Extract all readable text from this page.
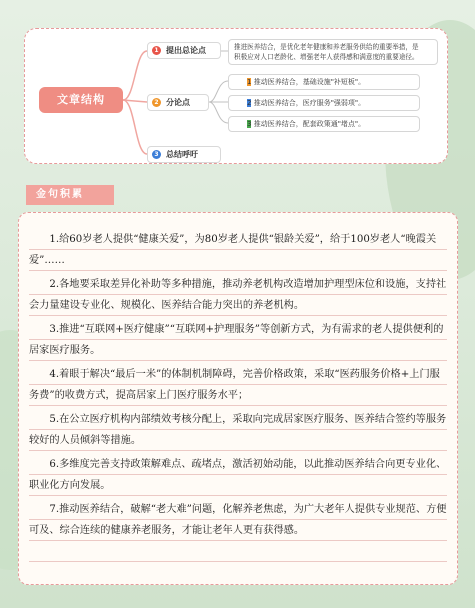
文章结构
1 提出总论点	推进医养结合，是优化老年健康和养老服务供给的重要举措，是
积极应对人口老龄化、增强老年人获得感和满意度的重要途径。
2 分论点
1 推动医养结合，基础设施"补短板"。
2 推动医养结合，医疗服务"强弱项"。
3 推动医养结合，配套政策通"堵点"。
3 总结呼吁
金句积累
1.给60岁老人提供“健康关爱”，为80岁老人提供“银龄关爱”，给于100岁老人“晚霞关爱”……
2.各地要采取差异化补助等多种措施，推动养老机构改造增加护理型床位和设施，支持社会力量建设专业化、规模化、医养结合能力突出的养老机构。
3.推进“互联网+医疗健康”“互联网+护理服务”等创新方式，为有需求的老人提供便利的居家医疗服务。
4.着眼于解决“最后一米”的体制机制障碍，完善价格政策，采取“医药服务价格+上门服务费”的收费方式，提高居家上门医疗服务水平；
5.在公立医疗机构内部绩效考核分配上，采取向完成居家医疗服务、医养结合签约等服务较好的人员倾斜等措施。
6.多维度完善支持政策解难点、疏堵点，激活初始动能，以此推动医养结合向更专业化、职业化方向发展。
7.推动医养结合，破解“老大难”问题，化解养老焦虑，为广大老年人提供专业规范、方便可及、综合连续的健康养老服务，才能让老年人更有获得感。
